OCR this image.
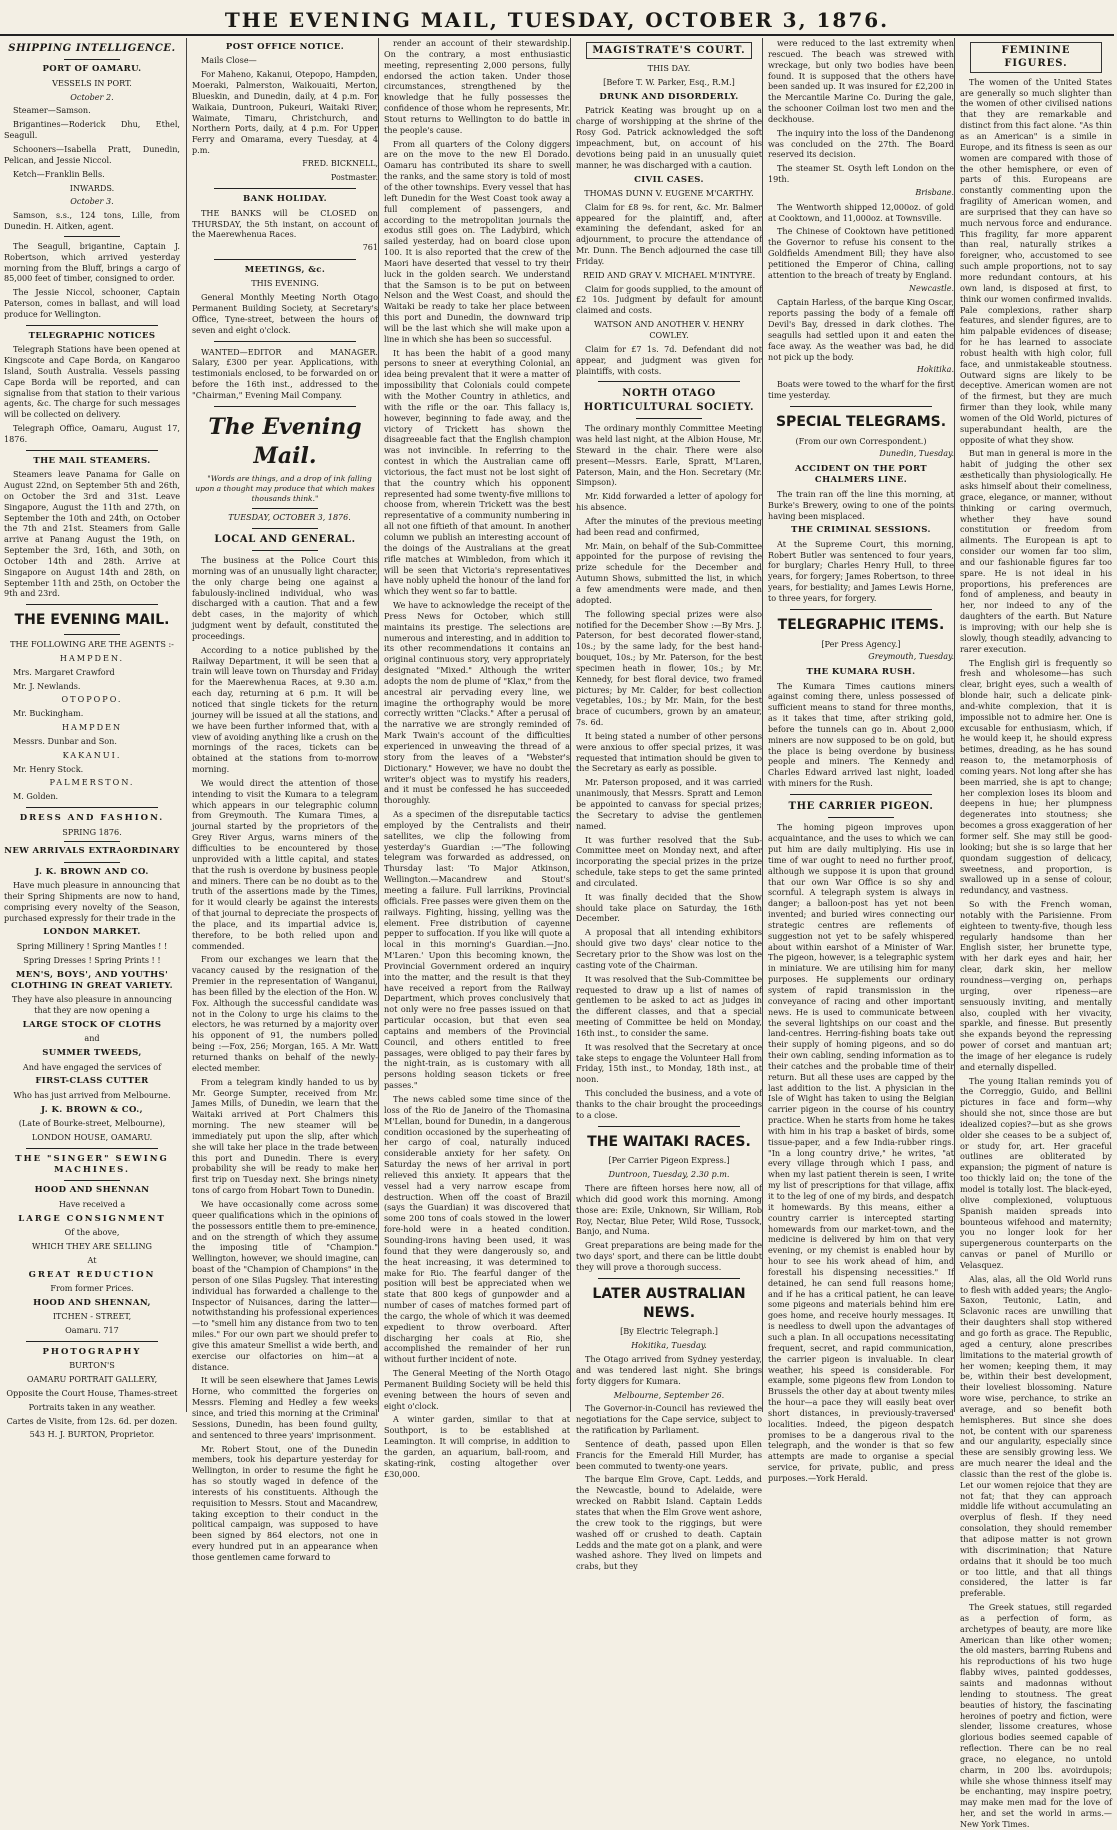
THE EVENING MAIL, TUESDAY, OCTOBER 3, 1876.
SHIPPING INTELLIGENCE.
PORT OF OAMARU.

VESSELS IN PORT.

October 2.

Steamer—Samson.

Brigantines—Roderick Dhu, Ethel, Seagull.

Schooners—Isabella Pratt, Dunedin, Pelican, and Jessie Niccol.

Ketch—Franklin Bells.

INWARDS.

October 3.

Samson, s.s., 124 tons, Lille, from Dunedin. H. Aitken, agent.

The Seagull, brigantine, Captain J. Robertson, which arrived yesterday morning from the Bluff, brings a cargo of 85,000 feet of timber, consigned to order.

The Jessie Niccol, schooner, Captain Paterson, comes in ballast, and will load produce for Wellington.

TELEGRAPHIC NOTICES

Telegraph Stations have been opened at Kingscote and Cape Borda, on Kangaroo Island, South Australia. Vessels passing Cape Borda will be reported, and can signalise from that station to their various agents, &c. The charge for such messages will be collected on delivery.

Telegraph Office, Oamaru, August 17, 1876.

THE MAIL STEAMERS.

Steamers leave Panama for Galle on August 22nd, on September 5th and 26th, on October the 3rd and 31st. Leave Singapore, August the 11th and 27th, on September the 10th and 24th, on October the 7th and 21st. Steamers from Galle arrive at Panang August the 19th, on September the 3rd, 16th, and 30th, on October 14th and 28th. Arrive at Singapore on August 14th and 28th, on September 11th and 25th, on October the 9th and 23rd.

THE EVENING MAIL.

THE FOLLOWING ARE THE AGENTS :-

HAMPDEN.

Mrs. Margaret Crawford

Mr. J. Newlands.

OTOPOPO.

Mr. Buckingham.

HAMPDEN

Messrs. Dunbar and Son.

KAKANUI.

Mr. Henry Stock.

PALMERSTON.

M. Golden.

DRESS AND FASHION.

SPRING 1876.

NEW ARRIVALS EXTRAORDINARY
J. K. BROWN AND CO.

Have much pleasure in announcing that their Spring Shipments are now to hand, comprising every novelty of the Season, purchased expressly for their trade in the

LONDON MARKET.

Spring Millinery ! Spring Mantles ! !

Spring Dresses ! Spring Prints ! !

MEN'S, BOYS', AND YOUTHS' CLOTHING IN GREAT VARIETY.

They have also pleasure in announcing that they are now opening a

LARGE STOCK OF CLOTHS

and

SUMMER TWEEDS,

And have engaged the services of

FIRST-CLASS CUTTER

Who has just arrived from Melbourne.

J. K. BROWN & CO.,

(Late of Bourke-street, Melbourne),

LONDON HOUSE, OAMARU.

THE "SINGER" SEWING MACHINES.
HOOD AND SHENNAN

Have received a

LARGE CONSIGNMENT

Of the above,

WHICH THEY ARE SELLING

At

GREAT REDUCTION

From former Prices.

HOOD AND SHENNAN,

ITCHEN - STREET,

Oamaru. 717

PHOTOGRAPHY

BURTON'S

OAMARU PORTRAIT GALLERY,

Opposite the Court House, Thames-street

Portraits taken in any weather.

Cartes de Visite, from 12s. 6d. per dozen.

543 H. J. BURTON, Proprietor.

POST OFFICE NOTICE.

Mails Close—

For Maheno, Kakanui, Otepopo, Hampden, Moeraki, Palmerston, Waikouaiti, Merton, Blueskin, and Dunedin, daily, at 4 p.m. For Waikaia, Duntroon, Pukeuri, Waitaki River, Waimate, Timaru, Christchurch, and Northern Ports, daily, at 4 p.m. For Upper Ferry and Omarama, every Tuesday, at 4 p.m.

FRED. BICKNELL,

Postmaster.

BANK HOLIDAY.

THE BANKS will be CLOSED on THURSDAY, the 5th instant, on account of the Maerewhenua Races.

761

MEETINGS, &c.

THIS EVENING.

General Monthly Meeting North Otago Permanent Building Society, at Secretary's Office, Tyne-street, between the hours of seven and eight o'clock.

WANTED—EDITOR and MANAGER. Salary, £300 per year. Applications, with testimonials enclosed, to be forwarded on or before the 16th inst., addressed to the "Chairman," Evening Mail Company.

The Evening Mail.

"Words are things, and a drop of ink falling upon a thought may produce that which makes thousands think."

TUESDAY, OCTOBER 3, 1876.

LOCAL AND GENERAL.

The business at the Police Court this morning was of an unusually light character, the only charge being one against a fabulously-inclined individual, who was discharged with a caution. That and a few debt cases, in the majority of which judgment went by default, constituted the proceedings.

According to a notice published by the Railway Department, it will be seen that a train will leave town on Thursday and Friday for the Maerewhenua Races, at 9.30 a.m. each day, returning at 6 p.m. It will be noticed that single tickets for the return journey will be issued at all the stations, and we have been further informed that, with a view of avoiding anything like a crush on the mornings of the races, tickets can be obtained at the stations from to-morrow morning.

We would direct the attention of those intending to visit the Kumara to a telegram which appears in our telegraphic column from Greymouth. The Kumara Times, a journal started by the proprietors of the Grey River Argus, warns miners of the difficulties to be encountered by those unprovided with a little capital, and states that the rush is overdone by business people and miners. There can be no doubt as to the truth of the assertions made by the Times, for it would clearly be against the interests of that journal to depreciate the prospects of the place, and its impartial advice is, therefore, to be both relied upon and commended.

From our exchanges we learn that the vacancy caused by the resignation of the Premier in the representation of Wanganui, has been filled by the election of the Hon. W. Fox. Although the successful candidate was not in the Colony to urge his claims to the electors, he was returned by a majority over his opponent of 91, the numbers polled being :—Fox, 256; Morgan, 165. A Mr. Watt returned thanks on behalf of the newly-elected member.

From a telegram kindly handed to us by Mr. George Sumpter, received from Mr. James Mills, of Dunedin, we learn that the Waitaki arrived at Port Chalmers this morning. The new steamer will be immediately put upon the slip, after which she will take her place in the trade between this port and Dunedin. There is every probability she will be ready to make her first trip on Tuesday next. She brings ninety tons of cargo from Hobart Town to Dunedin.

We have occasionally come across some queer qualifications which in the opinions of the possessors entitle them to pre-eminence, and on the strength of which they assume the imposing title of "Champion." Wellington, however, we should imagine, can boast of the "Champion of Champions" in the person of one Silas Pugsley. That interesting individual has forwarded a challenge to the Inspector of Nuisances, daring the latter—notwithstanding his professional experiences—to "smell him any distance from two to ten miles." For our own part we should prefer to give this amateur Smellist a wide berth, and exercise our olfactories on him—at a distance.

It will be seen elsewhere that James Lewis Horne, who committed the forgeries on Messrs. Fleming and Hedley a few weeks since, and tried this morning at the Criminal Sessions, Dunedin, has been found guilty, and sentenced to three years' imprisonment.

Mr. Robert Stout, one of the Dunedin members, took his departure yesterday for Wellington, in order to resume the fight he has so stoutly waged in defence of the interests of his constituents. Although the requisition to Messrs. Stout and Macandrew, taking exception to their conduct in the political campaign, was supposed to have been signed by 864 electors, not one in every hundred put in an appearance when those gentlemen came forward to

render an account of their stewardship. On the contrary, a most enthusiastic meeting, representing 2,000 persons, fully endorsed the action taken. Under those circumstances, strengthened by the knowledge that he fully possesses the confidence of those whom he represents, Mr. Stout returns to Wellington to do battle in the people's cause.

From all quarters of the Colony diggers are on the move to the new El Dorado. Oamaru has contributed its share to swell the ranks, and the same story is told of most of the other townships. Every vessel that has left Dunedin for the West Coast took away a full complement of passengers, and according to the metropolitan journals the exodus still goes on. The Ladybird, which sailed yesterday, had on board close upon 100. It is also reported that the crew of the Maori have deserted that vessel to try their luck in the golden search. We understand that the Samson is to be put on between Nelson and the West Coast, and should the Waitaki be ready to take her place between this port and Dunedin, the downward trip will be the last which she will make upon a line in which she has been so successful.

It has been the habit of a good many persons to sneer at everything Colonial, an idea being prevalent that it were a matter of impossibility that Colonials could compete with the Mother Country in athletics, and with the rifle or the oar. This fallacy is, however, beginning to fade away, and the victory of Trickett has shown the disagreeable fact that the English champion was not invincible. In referring to the contest in which the Australian came off victorious, the fact must not be lost sight of that the country which his opponent represented had some twenty-five millions to choose from, wherein Trickett was the best representative of a community numbering in all not one fiftieth of that amount. In another column we publish an interesting account of the doings of the Australians at the great rifle matches at Wimbledon, from which it will be seen that Victoria's representatives have nobly upheld the honour of the land for which they went so far to battle.

We have to acknowledge the receipt of the Press News for October, which still maintains its prestige. The selections are numerous and interesting, and in addition to its other recommendations it contains an original continuous story, very appropriately designated "Mixed." Although the writer adopts the nom de plume of "Klax," from the ancestral air pervading every line, we imagine the orthography would be more correctly written "Clacks." After a perusal of the narrative we are strongly reminded of Mark Twain's account of the difficulties experienced in unweaving the thread of a story from the leaves of a "Webster's Dictionary." However, we have no doubt the writer's object was to mystify his readers, and it must be confessed he has succeeded thoroughly.

As a specimen of the disreputable tactics employed by the Centralists and their satellites, we clip the following from yesterday's Guardian :—"The following telegram was forwarded as addressed, on Thursday last: 'To Major Atkinson, Wellington.—Macandrew and Stout's meeting a failure. Full larrikins, Provincial officials. Free passes were given them on the railways. Fighting, hissing, yelling was the element. Free distribution of cayenne pepper to suffocation. If you like will quote a local in this morning's Guardian.—Jno. M'Laren.' Upon this becoming known, the Provincial Government ordered an inquiry into the matter, and the result is that they have received a report from the Railway Department, which proves conclusively that not only were no free passes issued on that particular occasion, but that even sea captains and members of the Provincial Council, and others entitled to free passages, were obliged to pay their fares by the night-train, as is customary with all persons holding season tickets or free passes."

The news cabled some time since of the loss of the Rio de Janeiro of the Thomasina M'Lellan, bound for Dunedin, in a dangerous condition occasioned by the superheating of her cargo of coal, naturally induced considerable anxiety for her safety. On Saturday the news of her arrival in port relieved this anxiety. It appears that the vessel had a very narrow escape from destruction. When off the coast of Brazil (says the Guardian) it was discovered that some 200 tons of coals stowed in the lower fore-hold were in a heated condition. Sounding-irons having been used, it was found that they were dangerously so, and the heat increasing, it was determined to make for Rio. The fearful danger of the position will best be appreciated when we state that 800 kegs of gunpowder and a number of cases of matches formed part of the cargo, the whole of which it was deemed expedient to throw overboard. After discharging her coals at Rio, she accomplished the remainder of her run without further incident of note.

The General Meeting of the North Otago Permanent Building Society will be held this evening between the hours of seven and eight o'clock.

A winter garden, similar to that at Southport, is to be established at Leamington. It will comprise, in addition to the garden, an aquarium, ball-room, and skating-rink, costing altogether over £30,000.

MAGISTRATE'S COURT.

THIS DAY.

[Before T. W. Parker, Esq., R.M.]

DRUNK AND DISORDERLY.

Patrick Keating was brought up on a charge of worshipping at the shrine of the Rosy God. Patrick acknowledged the soft impeachment, but, on account of his devotions being paid in an unusually quiet manner, he was discharged with a caution.

CIVIL CASES.

THOMAS DUNN V. EUGENE M'CARTHY.

Claim for £8 9s. for rent, &c. Mr. Balmer appeared for the plaintiff, and, after examining the defendant, asked for an adjournment, to procure the attendance of Mr. Dunn. The Bench adjourned the case till Friday.

REID AND GRAY V. MICHAEL M'INTYRE.

Claim for goods supplied, to the amount of £2 10s. Judgment by default for amount claimed and costs.

WATSON AND ANOTHER V. HENRY COWLEY.

Claim for £7 1s. 7d. Defendant did not appear, and judgment was given for plaintiffs, with costs.

NORTH OTAGO HORTICULTURAL SOCIETY.

The ordinary monthly Committee Meeting was held last night, at the Albion House, Mr. Steward in the chair. There were also present—Messrs. Earle, Spratt, M'Laren, Paterson, Main, and the Hon. Secretary (Mr. Simpson).

Mr. Kidd forwarded a letter of apology for his absence.

After the minutes of the previous meeting had been read and confirmed,

Mr. Main, on behalf of the Sub-Committee appointed for the purpose of revising the prize schedule for the December and Autumn Shows, submitted the list, in which a few amendments were made, and then adopted.

The following special prizes were also notified for the December Show :—By Mrs. J. Paterson, for best decorated flower-stand, 10s.; by the same lady, for the best hand-bouquet, 10s.; by Mr. Paterson, for the best specimen heath in flower, 10s.; by Mr. Kennedy, for best floral device, two framed pictures; by Mr. Calder, for best collection vegetables, 10s.; by Mr. Main, for the best brace of cucumbers, grown by an amateur, 7s. 6d.

It being stated a number of other persons were anxious to offer special prizes, it was requested that intimation should be given to the Secretary as early as possible.

Mr. Paterson proposed, and it was carried unanimously, that Messrs. Spratt and Lemon be appointed to canvass for special prizes; the Secretary to advise the gentlemen named.

It was further resolved that the Sub-Committee meet on Monday next, and after incorporating the special prizes in the prize schedule, take steps to get the same printed and circulated.

It was finally decided that the Show should take place on Saturday, the 16th December.

A proposal that all intending exhibitors should give two days' clear notice to the Secretary prior to the Show was lost on the casting vote of the Chairman.

It was resolved that the Sub-Committee be requested to draw up a list of names of gentlemen to be asked to act as judges in the different classes, and that a special meeting of Committee be held on Monday, 16th inst., to consider the same.

It was resolved that the Secretary at once take steps to engage the Volunteer Hall from Friday, 15th inst., to Monday, 18th inst., at noon.

This concluded the business, and a vote of thanks to the chair brought the proceedings to a close.

THE WAITAKI RACES.

[Per Carrier Pigeon Express.]

Duntroon, Tuesday, 2.30 p.m.

There are fifteen horses here now, all of which did good work this morning. Among those are: Exile, Unknown, Sir William, Rob Roy, Nectar, Blue Peter, Wild Rose, Tussock, Banjo, and Numa.

Great preparations are being made for the two days' sport, and there can be little doubt they will prove a thorough success.

LATER AUSTRALIAN NEWS.

[By Electric Telegraph.]

Hokitika, Tuesday.

The Otago arrived from Sydney yesterday, and was tendered last night. She brings forty diggers for Kumara.

Melbourne, September 26.

The Governor-in-Council has reviewed the negotiations for the Cape service, subject to the ratification by Parliament.

Sentence of death, passed upon Ellen Francis for the Emerald Hill Murder, has been commuted to twenty-one years.

The barque Elm Grove, Capt. Ledds, and the Newcastle, bound to Adelaide, were wrecked on Rabbit Island. Captain Ledds states that when the Elm Grove went ashore, the crew took to the riggings, but were washed off or crushed to death. Captain Ledds and the mate got on a plank, and were washed ashore. They lived on limpets and crabs, but they

were reduced to the last extremity when rescued. The beach was strewed with wreckage, but only two bodies have been found. It is supposed that the others have been sanded up. It was insured for £2,200 in the Mercantile Marine Co. During the gale, the schooner Coilman lost two men and the deckhouse.

The inquiry into the loss of the Dandenong was concluded on the 27th. The Board reserved its decision.

The steamer St. Osyth left London on the 19th.

Brisbane.

The Wentworth shipped 12,000oz. of gold at Cooktown, and 11,000oz. at Townsville.

The Chinese of Cooktown have petitioned the Governor to refuse his consent to the Goldfields Amendment Bill; they have also petitioned the Emperor of China, calling attention to the breach of treaty by England.

Newcastle.

Captain Harless, of the barque King Oscar, reports passing the body of a female off Devil's Bay, dressed in dark clothes. The seagulls had settled upon it and eaten the face away. As the weather was bad, he did not pick up the body.

Hokitika.

Boats were towed to the wharf for the first time yesterday.

SPECIAL TELEGRAMS.

(From our own Correspondent.)

Dunedin, Tuesday.

ACCIDENT ON THE PORT CHALMERS LINE.

The train ran off the line this morning, at Burke's Brewery, owing to one of the points having been misplaced.

THE CRIMINAL SESSIONS.

At the Supreme Court, this morning, Robert Butler was sentenced to four years, for burglary; Charles Henry Hull, to three years, for forgery; James Robertson, to three years, for bestiality; and James Lewis Horne, to three years, for forgery.

TELEGRAPHIC ITEMS.

[Per Press Agency.]

Greymouth, Tuesday.

THE KUMARA RUSH.

The Kumara Times cautions miners against coming there, unless possessed of sufficient means to stand for three months, as it takes that time, after striking gold, before the tunnels can go in. About 2,000 miners are now supposed to be on gold, but the place is being overdone by business people and miners. The Kennedy and Charles Edward arrived last night, loaded with miners for the Rush.

THE CARRIER PIGEON.

The homing pigeon improves upon acquaintance, and the uses to which we can put him are daily multiplying. His use in time of war ought to need no further proof, although we suppose it is upon that ground that our own War Office is so shy and scornful. A telegraph system is always in danger; a balloon-post has yet not been invented; and buried wires connecting our strategic centres are reflements of suggestion not yet to be safely whispered about within earshot of a Minister of War. The pigeon, however, is a telegraphic system in miniature. We are utilising him for many purposes. He supplements our ordinary system of rapid transmission in the conveyance of racing and other important news. He is used to communicate between the several lightships on our coast and the land-centres. Herring-fishing boats take out their supply of homing pigeons, and so do their own cabling, sending information as to their catches and the probable time of their return. But all these uses are capped by the last addition to the list. A physician in the Isle of Wight has taken to using the Belgian carrier pigeon in the course of his country practice. When he starts from home he takes with him in his trap a basket of birds, some tissue-paper, and a few India-rubber rings. "In a long country drive," he writes, "at every village through which I pass, and when my last patient therein is seen, I write my list of prescriptions for that village, affix it to the leg of one of my birds, and despatch it homewards. By this means, either a country carrier is intercepted starting homewards from our market-town, and the medicine is delivered by him on that very evening, or my chemist is enabled hour by hour to see his work ahead of him, and forestall his dispensing necessities." If detained, he can send full reasons home; and if he has a critical patient, he can leave some pigeons and materials behind him ere goes home, and receive hourly messages. It is needless to dwell upon the advantages of such a plan. In all occupations necessitating frequent, secret, and rapid communication, the carrier pigeon is invaluable. In clear weather, his speed is considerable. For example, some pigeons flew from London to Brussels the other day at about twenty miles the hour—a pace they will easily beat over short distances, in previously-traversed localities. Indeed, the pigeon despatch promises to be a dangerous rival to the telegraph, and the wonder is that so few attempts are made to organise a special service, for private, public, and press purposes.—York Herald.

FEMININE FIGURES.

The women of the United States are generally so much slighter than the women of other civilised nations that they are remarkable and distinct from this fact alone. "As thin as an American" is a simile in Europe, and its fitness is seen as our women are compared with those of the other hemisphere, or even of parts of this. Europeans are constantly commenting upon the fragility of American women, and are surprised that they can have so much nervous force and endurance. This fragility, far more apparent than real, naturally strikes a foreigner, who, accustomed to see such ample proportions, not to say more redundant contours, at his own land, is disposed at first, to think our women confirmed invalids. Pale complexions, rather sharp features, and slender figures, are to him palpable evidences of disease; for he has learned to associate robust health with high color, full face, and unmistakeable stoutness. Outward signs are likely to be deceptive. American women are not of the firmest, but they are much firmer than they look, while many women of the Old World, pictures of superabundant health, are the opposite of what they show.

But man in general is more in the habit of judging the other sex æsthetically than physiologically. He asks himself about their comeliness, grace, elegance, or manner, without thinking or caring overmuch, whether they have sound constitution or freedom from ailments. The European is apt to consider our women far too slim, and our fashionable figures far too spare. He is not ideal in his proportions, his preferences are fond of ampleness, and beauty in her, nor indeed to any of the daughters of the earth. But Nature is improving; with our help she is slowly, though steadily, advancing to rarer execution.

The English girl is frequently so fresh and wholesome—has such clear, bright eyes, such a wealth of blonde hair, such a delicate pink-and-white complexion, that it is impossible not to admire her. One is excusable for enthusiasm, which, if he would keep it, he should express betimes, dreading, as he has sound reason to, the metamorphosis of coming years. Not long after she has been married, she is apt to change; her complexion loses its bloom and deepens in hue; her plumpness degenerates into stoutness; she becomes a gross exaggeration of her former self. She may still be good-looking; but she is so large that her quondam suggestion of delicacy, sweetness, and proportion, is swallowed up in a sense of colour, redundancy, and vastness.

So with the French woman, notably with the Parisienne. From eighteen to twenty-five, though less regularly handsome than her English sister, her brunette type, with her dark eyes and hair, her clear, dark skin, her mellow roundness—verging on, perhaps urging, over ripeness—are sensuously inviting, and mentally also, coupled with her vivacity, sparkle, and finesse. But presently she expands beyond the repressing power of corset and mantuan art; the image of her elegance is rudely and eternally dispelled.

The young Italian reminds you of the Correggio, Guido, and Bellini pictures in face and form—why should she not, since those are but idealized copies?—but as she grows older she ceases to be a subject of, or study for, art. Her graceful outlines are obliterated by expansion; the pigment of nature is too thickly laid on; the tone of the model is totally lost. The black-eyed, olive complexioned, voluptuous Spanish maiden spreads into bounteous wifehood and maternity; you no longer look for her supergenerous counterparts on the canvas or panel of Murillo or Velasquez.

Alas, alas, all the Old World runs to flesh with added years; the Anglo-Saxon, Teutonic, Latin, and Sclavonic races are unwilling that their daughters shall stop withered and go forth as grace. The Republic, aged a century, alone prescribes limitations to the material growth of her women; keeping them, it may be, within their best development, their loveliest blossoming. Nature wore wise, perchance, to strike an average, and so benefit both hemispheres. But since she does not, be content with our spareness and our angularity, especially since these are sensibly growing less. We are much nearer the ideal and the classic than the rest of the globe is. Let our women rejoice that they are not fat; that they can approach middle life without accumulating an overplus of flesh. If they need consolation, they should remember that adipose matter is not grown with discrimination; that Nature ordains that it should be too much or too little, and that all things considered, the latter is far preferable.

The Greek statues, still regarded as a perfection of form, as archetypes of beauty, are more like American than like other women; the old masters, barring Rubens and his reproductions of his two huge flabby wives, painted goddesses, saints and madonnas without lending to stoutness. The great beauties of history, the fascinating heroines of poetry and fiction, were slender, lissome creatures, whose glorious bodies seemed capable of reflection. There can be no real grace, no elegance, no untold charm, in 200 lbs. avoirdupois; while she whose thinness itself may be enchanting, may inspire poetry, may make men mad for the love of her, and set the world in arms.—New York Times.
